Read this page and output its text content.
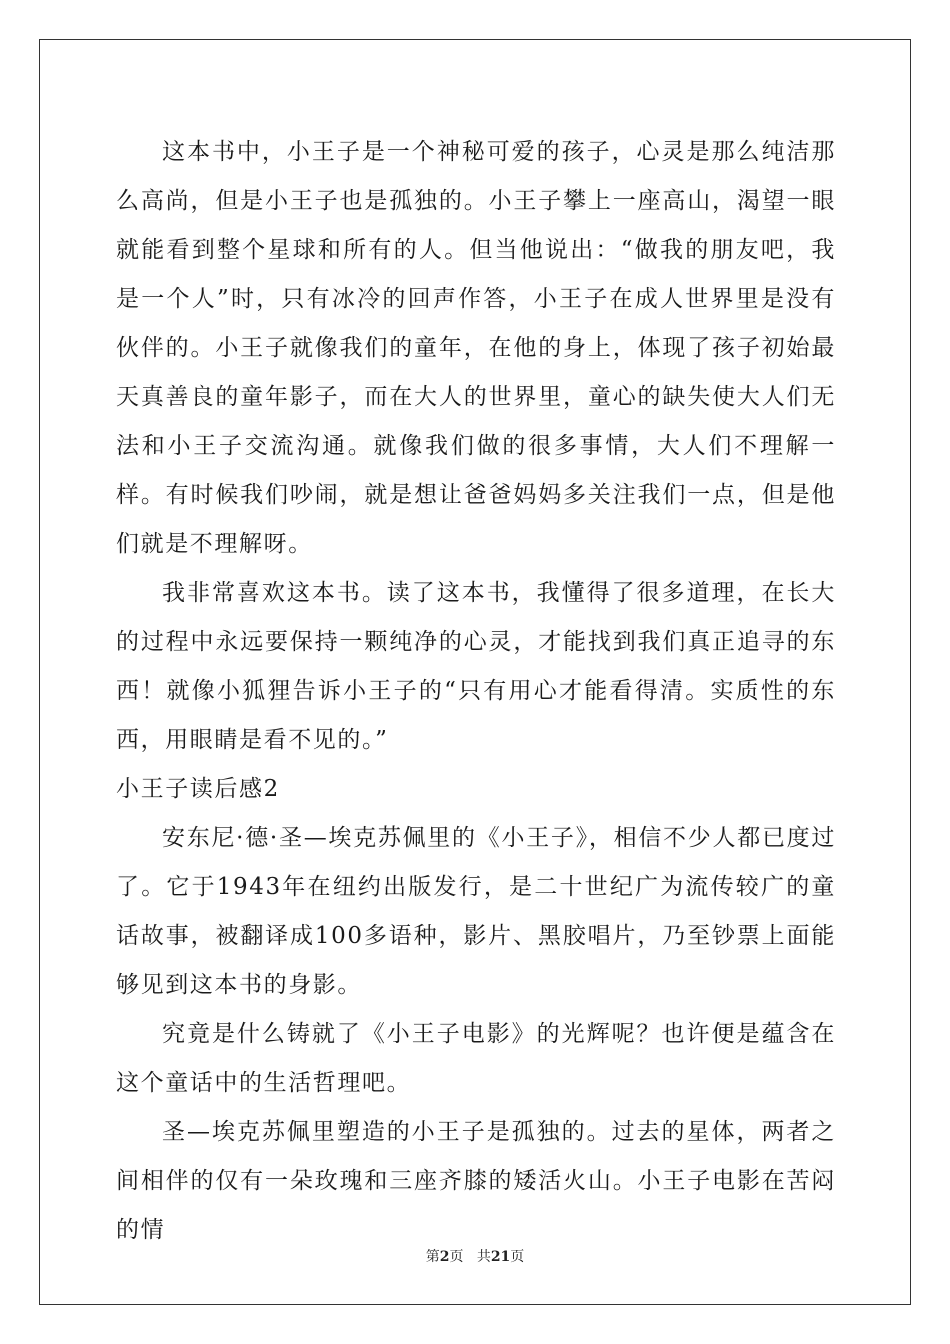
这本书中，小王子是一个神秘可爱的孩子，心灵是那么纯洁那么高尚，但是小王子也是孤独的。小王子攀上一座高山，渴望一眼就能看到整个星球和所有的人。但当他说出：“做我的朋友吧，我是一个人”时，只有冰冷的回声作答，小王子在成人世界里是没有伙伴的。小王子就像我们的童年，在他的身上，体现了孩子初始最天真善良的童年影子，而在大人的世界里，童心的缺失使大人们无法和小王子交流沟通。就像我们做的很多事情，大人们不理解一样。有时候我们吵闹，就是想让爸爸妈妈多关注我们一点，但是他们就是不理解呀。

我非常喜欢这本书。读了这本书，我懂得了很多道理，在长大的过程中永远要保持一颗纯净的心灵，才能找到我们真正追寻的东西！就像小狐狸告诉小王子的“只有用心才能看得清。实质性的东西，用眼睛是看不见的。”

小王子读后感2

安东尼·德·圣—埃克苏佩里的《小王子》，相信不少人都已度过了。它于1943年在纽约出版发行，是二十世纪广为流传较广的童话故事，被翻译成100多语种，影片、黑胶唱片，乃至钞票上面能够见到这本书的身影。

究竟是什么铸就了《小王子电影》的光辉呢？也许便是蕴含在这个童话中的生活哲理吧。

圣—埃克苏佩里塑造的小王子是孤独的。过去的星体，两者之间相伴的仅有一朵玫瑰和三座齐膝的矮活火山。小王子电影在苦闷的情

第2页 共21页
